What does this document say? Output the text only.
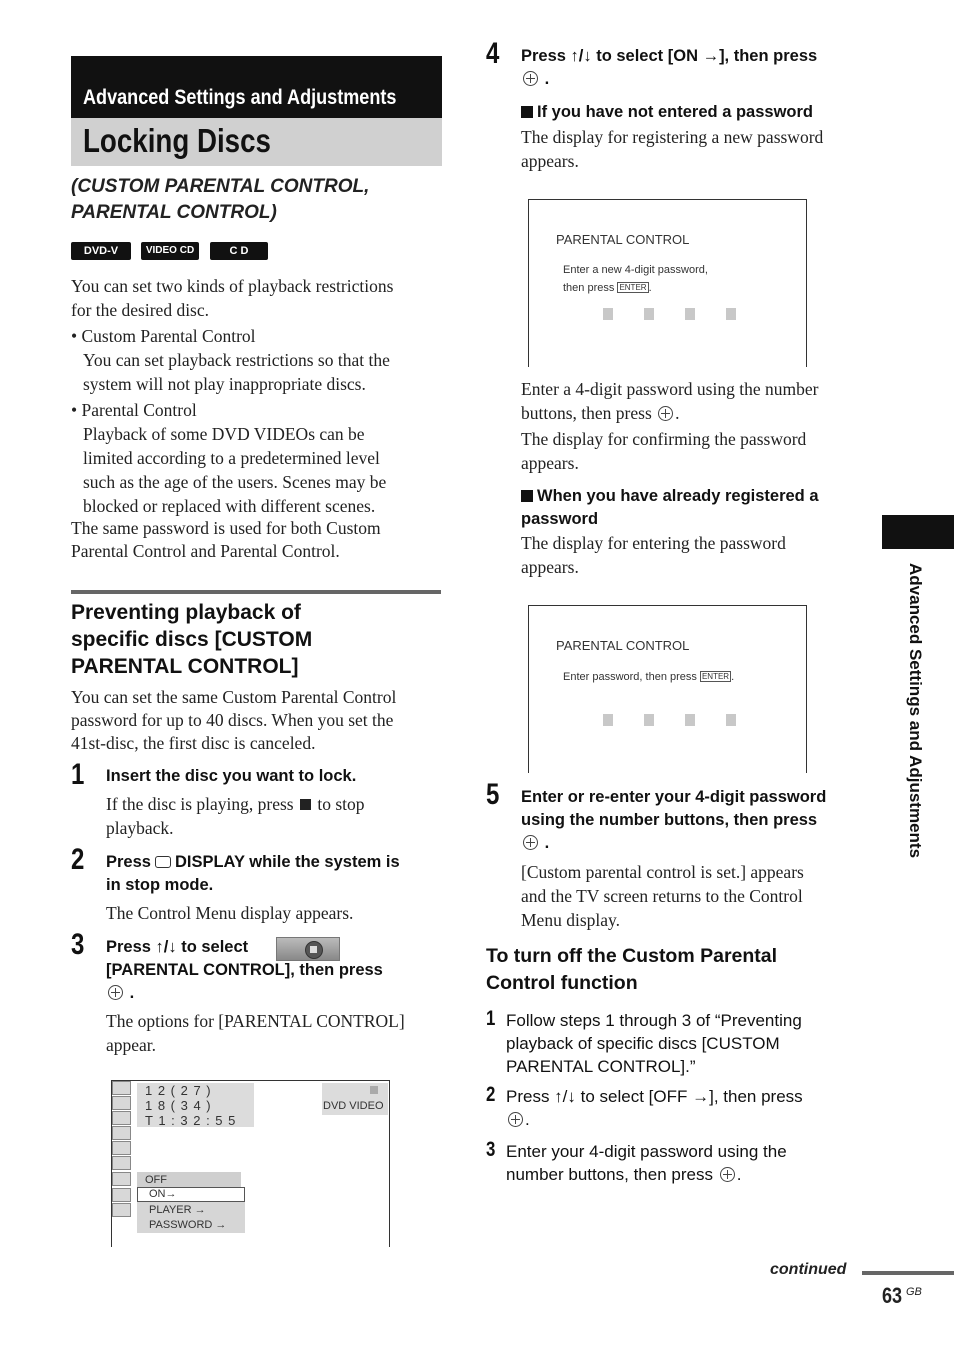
Advanced Settings and Adjustments
Locking Discs
(CUSTOM PARENTAL CONTROL,
PARENTAL CONTROL)
DVD-V	VIDEO CD	C D
You can set two kinds of playback restrictions
for the desired disc.
• Custom Parental Control
You can set playback restrictions so that the
system will not play inappropriate discs.
• Parental Control
Playback of some DVD VIDEOs can be
limited according to a predetermined level
such as the age of the users. Scenes may be
blocked or replaced with different scenes.
The same password is used for both Custom
Parental Control and Parental Control.
Preventing playback of
specific discs [CUSTOM
PARENTAL CONTROL]
You can set the same Custom Parental Control
password for up to 40 discs. When you set the
41st-disc, the first disc is canceled.
1 Insert the disc you want to lock.
If the disc is playing, press to stop
playback.
2 Press DISPLAY while the system is
in stop mode.
The Control Menu display appears.
3 Press ↑/↓ to select
[PARENTAL CONTROL], then press
.
The options for [PARENTAL CONTROL]
appear.
1 2 ( 2 7 )
1 8 ( 3 4 )
T 1 : 3 2 : 5 5
DVD VIDEO
OFF
ON→
PLAYER →
PASSWORD →
4 Press ↑/↓ to select [ON →], then press
.
If you have not entered a password
The display for registering a new password
appears.
PARENTAL CONTROL
Enter a new 4-digit password,
then press ENTER .
Enter a 4-digit password using the number
buttons, then press .
The display for confirming the password
appears.
When you have already registered a
password
The display for entering the password
appears.
PARENTAL CONTROL
Enter password, then press ENTER .
5 Enter or re-enter your 4-digit password
using the number buttons, then press
.
[Custom parental control is set.] appears
and the TV screen returns to the Control
Menu display.
To turn off the Custom Parental
Control function
1 Follow steps 1 through 3 of “Preventing
playback of specific discs [CUSTOM
PARENTAL CONTROL].”
2 Press ↑/↓ to select [OFF →], then press
.
3 Enter your 4-digit password using the
number buttons, then press .
Advanced Settings and Adjustments
continued
63 GB
